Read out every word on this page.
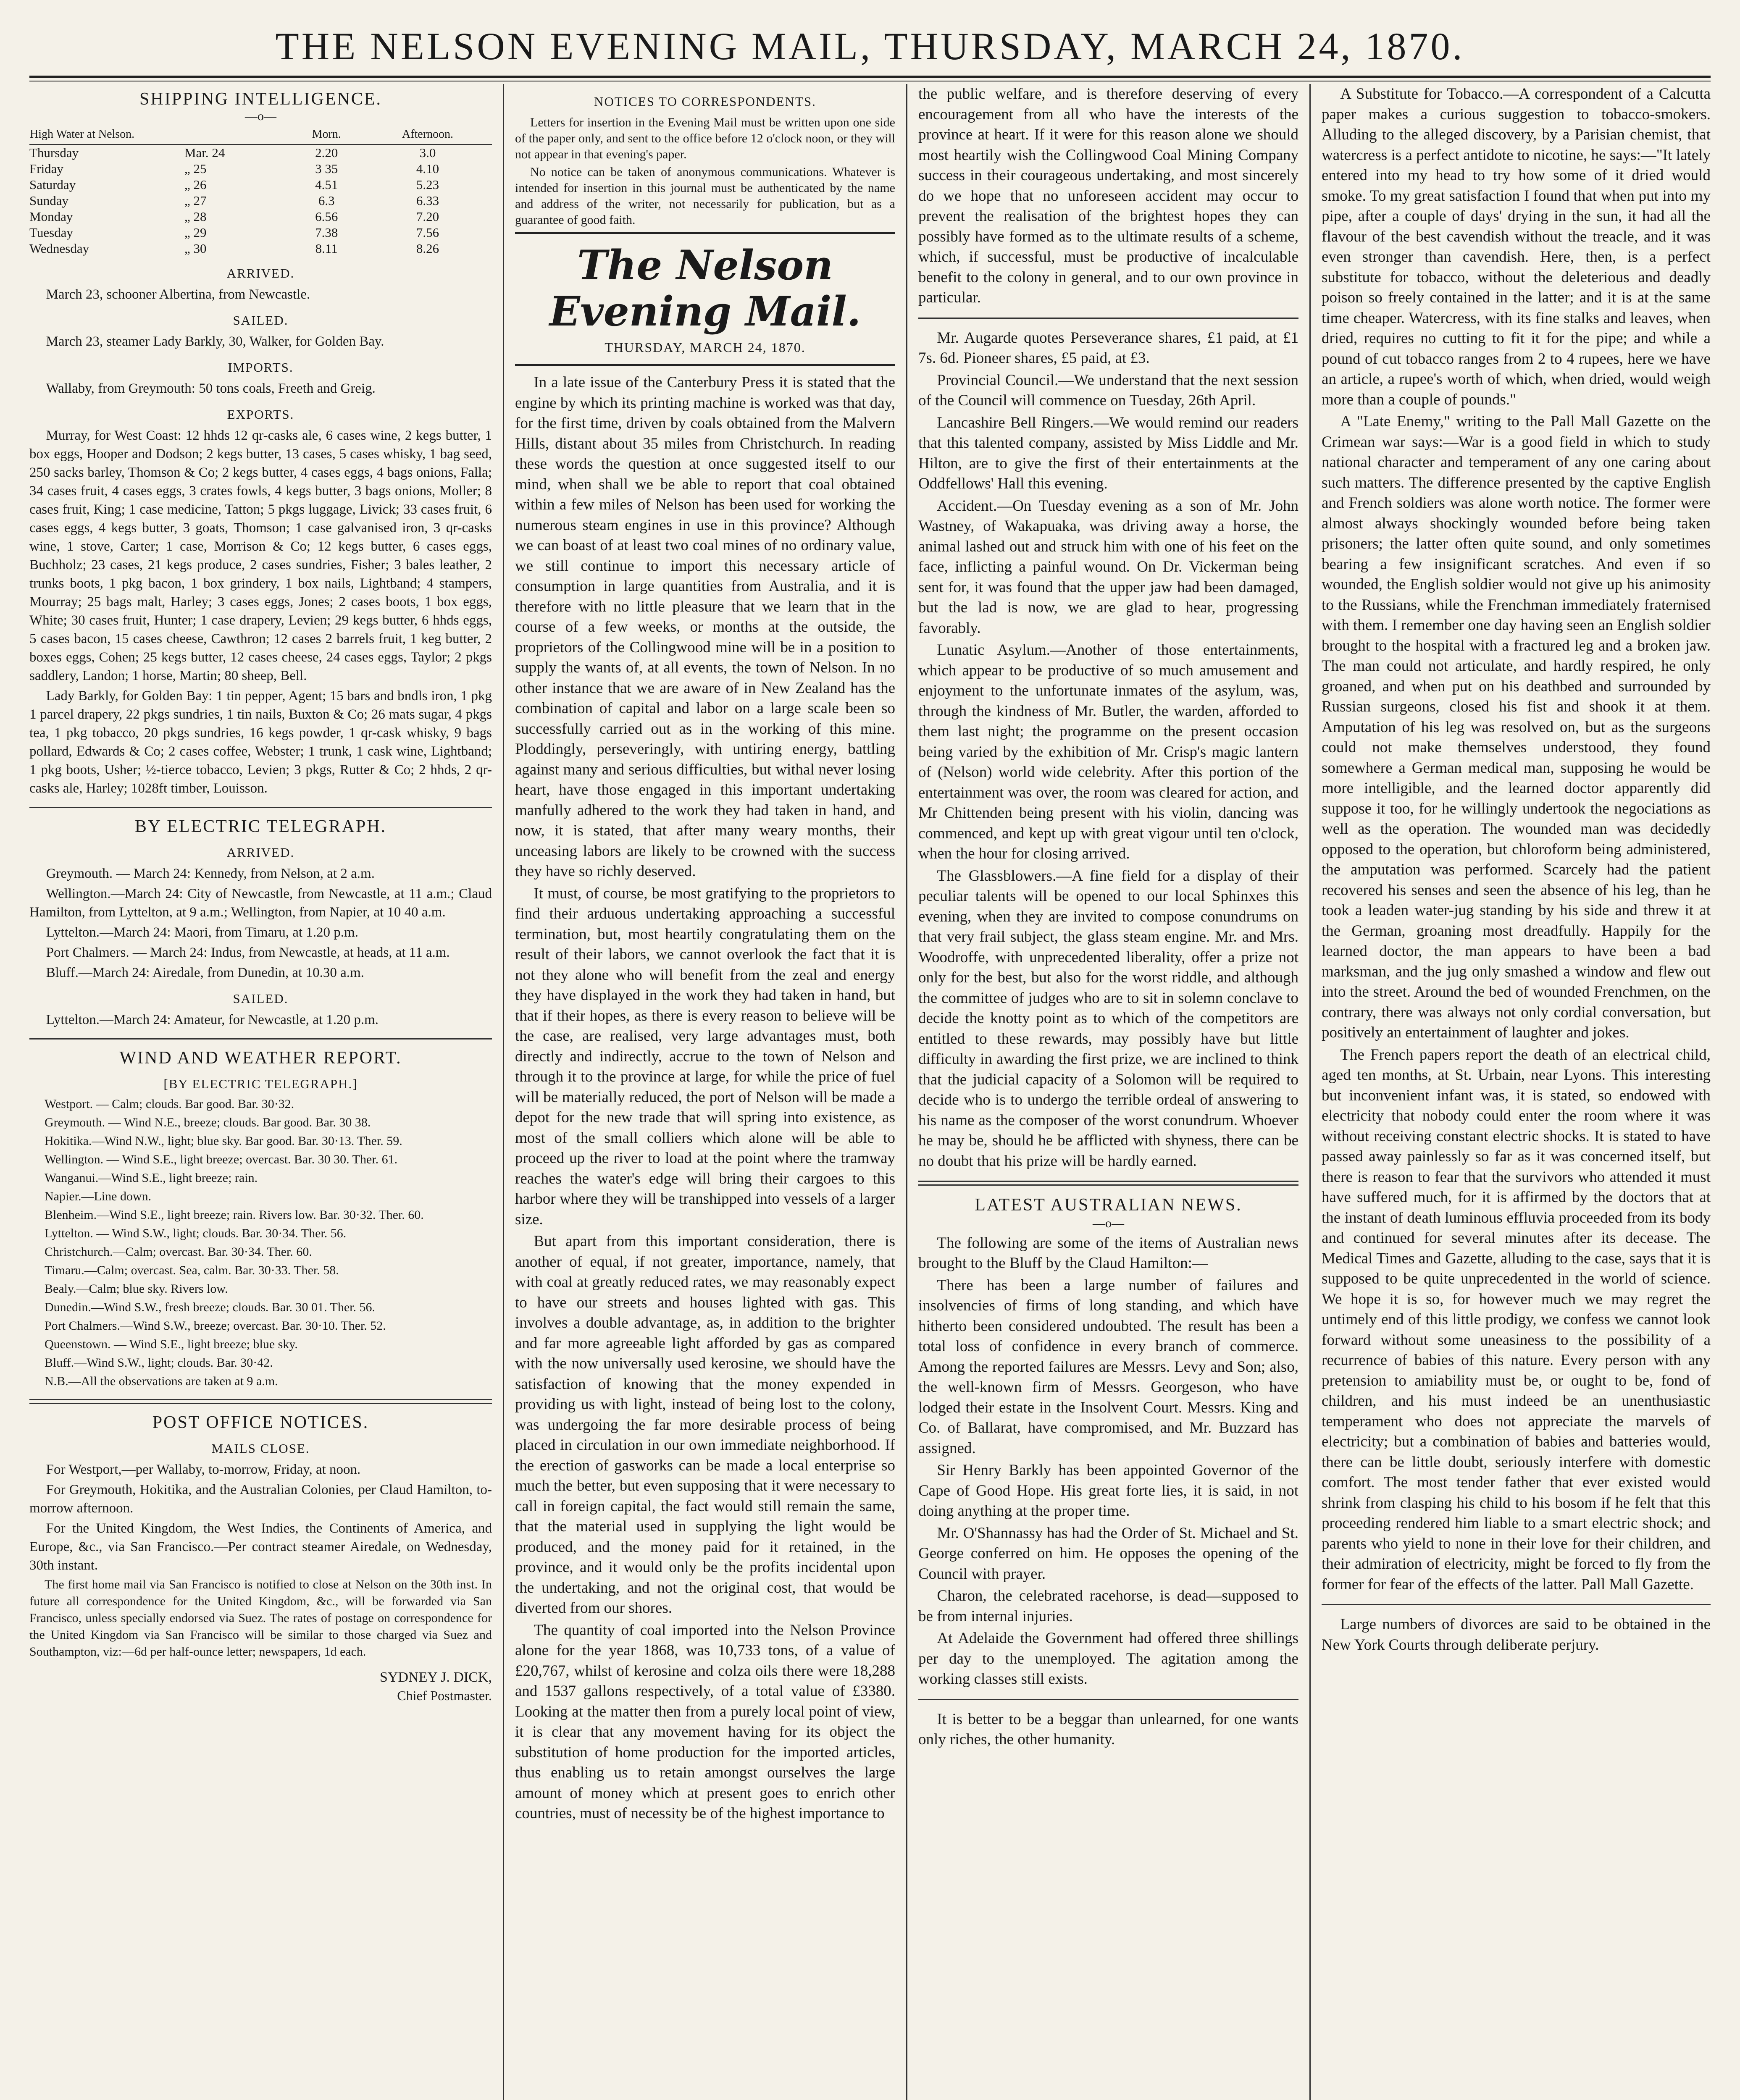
THE NELSON EVENING MAIL, THURSDAY, MARCH 24, 1870.
SHIPPING INTELLIGENCE.
—o—
High Water at Nelson.		Morn.	Afternoon.
Thursday	Mar. 24	2.20	3.0
Friday	„ 25	3 35	4.10
Saturday	„ 26	4.51	5.23
Sunday	„ 27	6.3	6.33
Monday	„ 28	6.56	7.20
Tuesday	„ 29	7.38	7.56
Wednesday	„ 30	8.11	8.26
ARRIVED.

March 23, schooner Albertina, from Newcastle.

SAILED.

March 23, steamer Lady Barkly, 30, Walker, for Golden Bay.

IMPORTS.

Wallaby, from Greymouth: 50 tons coals, Freeth and Greig.

EXPORTS.

Murray, for West Coast: 12 hhds 12 qr-casks ale, 6 cases wine, 2 kegs butter, 1 box eggs, Hooper and Dodson; 2 kegs butter, 13 cases, 5 cases whisky, 1 bag seed, 250 sacks barley, Thomson & Co; 2 kegs butter, 4 cases eggs, 4 bags onions, Falla; 34 cases fruit, 4 cases eggs, 3 crates fowls, 4 kegs butter, 3 bags onions, Moller; 8 cases fruit, King; 1 case medicine, Tatton; 5 pkgs luggage, Livick; 33 cases fruit, 6 cases eggs, 4 kegs butter, 3 goats, Thomson; 1 case galvanised iron, 3 qr-casks wine, 1 stove, Carter; 1 case, Morrison & Co; 12 kegs butter, 6 cases eggs, Buchholz; 23 cases, 21 kegs produce, 2 cases sundries, Fisher; 3 bales leather, 2 trunks boots, 1 pkg bacon, 1 box grindery, 1 box nails, Lightband; 4 stampers, Mourray; 25 bags malt, Harley; 3 cases eggs, Jones; 2 cases boots, 1 box eggs, White; 30 cases fruit, Hunter; 1 case drapery, Levien; 29 kegs butter, 6 hhds eggs, 5 cases bacon, 15 cases cheese, Cawthron; 12 cases 2 barrels fruit, 1 keg butter, 2 boxes eggs, Cohen; 25 kegs butter, 12 cases cheese, 24 cases eggs, Taylor; 2 pkgs saddlery, Landon; 1 horse, Martin; 80 sheep, Bell.

Lady Barkly, for Golden Bay: 1 tin pepper, Agent; 15 bars and bndls iron, 1 pkg 1 parcel drapery, 22 pkgs sundries, 1 tin nails, Buxton & Co; 26 mats sugar, 4 pkgs tea, 1 pkg tobacco, 20 pkgs sundries, 16 kegs powder, 1 qr-cask whisky, 9 bags pollard, Edwards & Co; 2 cases coffee, Webster; 1 trunk, 1 cask wine, Lightband; 1 pkg boots, Usher; ½-tierce tobacco, Levien; 3 pkgs, Rutter & Co; 2 hhds, 2 qr-casks ale, Harley; 1028ft timber, Louisson.

BY ELECTRIC TELEGRAPH.
ARRIVED.

Greymouth. — March 24: Kennedy, from Nelson, at 2 a.m.

Wellington.—March 24: City of Newcastle, from Newcastle, at 11 a.m.; Claud Hamilton, from Lyttelton, at 9 a.m.; Wellington, from Napier, at 10 40 a.m.

Lyttelton.—March 24: Maori, from Timaru, at 1.20 p.m.

Port Chalmers. — March 24: Indus, from Newcastle, at heads, at 11 a.m.

Bluff.—March 24: Airedale, from Dunedin, at 10.30 a.m.

SAILED.

Lyttelton.—March 24: Amateur, for Newcastle, at 1.20 p.m.

WIND AND WEATHER REPORT.
[BY ELECTRIC TELEGRAPH.]

Westport. — Calm; clouds. Bar good. Bar. 30·32.

Greymouth. — Wind N.E., breeze; clouds. Bar good. Bar. 30 38.

Hokitika.—Wind N.W., light; blue sky. Bar good. Bar. 30·13. Ther. 59.

Wellington. — Wind S.E., light breeze; overcast. Bar. 30 30. Ther. 61.

Wanganui.—Wind S.E., light breeze; rain.

Napier.—Line down.

Blenheim.—Wind S.E., light breeze; rain. Rivers low. Bar. 30·32. Ther. 60.

Lyttelton. — Wind S.W., light; clouds. Bar. 30·34. Ther. 56.

Christchurch.—Calm; overcast. Bar. 30·34. Ther. 60.

Timaru.—Calm; overcast. Sea, calm. Bar. 30·33. Ther. 58.

Bealy.—Calm; blue sky. Rivers low.

Dunedin.—Wind S.W., fresh breeze; clouds. Bar. 30 01. Ther. 56.

Port Chalmers.—Wind S.W., breeze; overcast. Bar. 30·10. Ther. 52.

Queenstown. — Wind S.E., light breeze; blue sky.

Bluff.—Wind S.W., light; clouds. Bar. 30·42.

N.B.—All the observations are taken at 9 a.m.

POST OFFICE NOTICES.
MAILS CLOSE.

For Westport,—per Wallaby, to-morrow, Friday, at noon.

For Greymouth, Hokitika, and the Australian Colonies, per Claud Hamilton, to-morrow afternoon.

For the United Kingdom, the West Indies, the Continents of America, and Europe, &c., via San Francisco.—Per contract steamer Airedale, on Wednesday, 30th instant.

The first home mail via San Francisco is notified to close at Nelson on the 30th inst. In future all correspondence for the United Kingdom, &c., will be forwarded via San Francisco, unless specially endorsed via Suez. The rates of postage on correspondence for the United Kingdom via San Francisco will be similar to those charged via Suez and Southampton, viz:—6d per half-ounce letter; newspapers, 1d each.

SYDNEY J. DICK,
Chief Postmaster.
NOTICES TO CORRESPONDENTS.

Letters for insertion in the Evening Mail must be written upon one side of the paper only, and sent to the office before 12 o'clock noon, or they will not appear in that evening's paper.

No notice can be taken of anonymous communications. Whatever is intended for insertion in this journal must be authenticated by the name and address of the writer, not necessarily for publication, but as a guarantee of good faith.

The Nelson Evening Mail.
THURSDAY, MARCH 24, 1870.

In a late issue of the Canterbury Press it is stated that the engine by which its printing machine is worked was that day, for the first time, driven by coals obtained from the Malvern Hills, distant about 35 miles from Christchurch. In reading these words the question at once suggested itself to our mind, when shall we be able to report that coal obtained within a few miles of Nelson has been used for working the numerous steam engines in use in this province? Although we can boast of at least two coal mines of no ordinary value, we still continue to import this necessary article of consumption in large quantities from Australia, and it is therefore with no little pleasure that we learn that in the course of a few weeks, or months at the outside, the proprietors of the Collingwood mine will be in a position to supply the wants of, at all events, the town of Nelson. In no other instance that we are aware of in New Zealand has the combination of capital and labor on a large scale been so successfully carried out as in the working of this mine. Ploddingly, perseveringly, with untiring energy, battling against many and serious difficulties, but withal never losing heart, have those engaged in this important undertaking manfully adhered to the work they had taken in hand, and now, it is stated, that after many weary months, their unceasing labors are likely to be crowned with the success they have so richly deserved.

It must, of course, be most gratifying to the proprietors to find their arduous undertaking approaching a successful termination, but, most heartily congratulating them on the result of their labors, we cannot overlook the fact that it is not they alone who will benefit from the zeal and energy they have displayed in the work they had taken in hand, but that if their hopes, as there is every reason to believe will be the case, are realised, very large advantages must, both directly and indirectly, accrue to the town of Nelson and through it to the province at large, for while the price of fuel will be materially reduced, the port of Nelson will be made a depot for the new trade that will spring into existence, as most of the small colliers which alone will be able to proceed up the river to load at the point where the tramway reaches the water's edge will bring their cargoes to this harbor where they will be transhipped into vessels of a larger size.

But apart from this important consideration, there is another of equal, if not greater, importance, namely, that with coal at greatly reduced rates, we may reasonably expect to have our streets and houses lighted with gas. This involves a double advantage, as, in addition to the brighter and far more agreeable light afforded by gas as compared with the now universally used kerosine, we should have the satisfaction of knowing that the money expended in providing us with light, instead of being lost to the colony, was undergoing the far more desirable process of being placed in circulation in our own immediate neighborhood. If the erection of gasworks can be made a local enterprise so much the better, but even supposing that it were necessary to call in foreign capital, the fact would still remain the same, that the material used in supplying the light would be produced, and the money paid for it retained, in the province, and it would only be the profits incidental upon the undertaking, and not the original cost, that would be diverted from our shores.

The quantity of coal imported into the Nelson Province alone for the year 1868, was 10,733 tons, of a value of £20,767, whilst of kerosine and colza oils there were 18,288 and 1537 gallons respectively, of a total value of £3380. Looking at the matter then from a purely local point of view, it is clear that any movement having for its object the substitution of home production for the imported articles, thus enabling us to retain amongst ourselves the large amount of money which at present goes to enrich other countries, must of necessity be of the highest importance to

the public welfare, and is therefore deserving of every encouragement from all who have the interests of the province at heart. If it were for this reason alone we should most heartily wish the Collingwood Coal Mining Company success in their courageous undertaking, and most sincerely do we hope that no unforeseen accident may occur to prevent the realisation of the brightest hopes they can possibly have formed as to the ultimate results of a scheme, which, if successful, must be productive of incalculable benefit to the colony in general, and to our own province in particular.

Mr. Augarde quotes Perseverance shares, £1 paid, at £1 7s. 6d. Pioneer shares, £5 paid, at £3.

Provincial Council.—We understand that the next session of the Council will commence on Tuesday, 26th April.

Lancashire Bell Ringers.—We would remind our readers that this talented company, assisted by Miss Liddle and Mr. Hilton, are to give the first of their entertainments at the Oddfellows' Hall this evening.

Accident.—On Tuesday evening as a son of Mr. John Wastney, of Wakapuaka, was driving away a horse, the animal lashed out and struck him with one of his feet on the face, inflicting a painful wound. On Dr. Vickerman being sent for, it was found that the upper jaw had been damaged, but the lad is now, we are glad to hear, progressing favorably.

Lunatic Asylum.—Another of those entertainments, which appear to be productive of so much amusement and enjoyment to the unfortunate inmates of the asylum, was, through the kindness of Mr. Butler, the warden, afforded to them last night; the programme on the present occasion being varied by the exhibition of Mr. Crisp's magic lantern of (Nelson) world wide celebrity. After this portion of the entertainment was over, the room was cleared for action, and Mr Chittenden being present with his violin, dancing was commenced, and kept up with great vigour until ten o'clock, when the hour for closing arrived.

The Glassblowers.—A fine field for a display of their peculiar talents will be opened to our local Sphinxes this evening, when they are invited to compose conundrums on that very frail subject, the glass steam engine. Mr. and Mrs. Woodroffe, with unprecedented liberality, offer a prize not only for the best, but also for the worst riddle, and although the committee of judges who are to sit in solemn conclave to decide the knotty point as to which of the competitors are entitled to these rewards, may possibly have but little difficulty in awarding the first prize, we are inclined to think that the judicial capacity of a Solomon will be required to decide who is to undergo the terrible ordeal of answering to his name as the composer of the worst conundrum. Whoever he may be, should he be afflicted with shyness, there can be no doubt that his prize will be hardly earned.

LATEST AUSTRALIAN NEWS.
—o—

The following are some of the items of Australian news brought to the Bluff by the Claud Hamilton:—

There has been a large number of failures and insolvencies of firms of long standing, and which have hitherto been considered undoubted. The result has been a total loss of confidence in every branch of commerce. Among the reported failures are Messrs. Levy and Son; also, the well-known firm of Messrs. Georgeson, who have lodged their estate in the Insolvent Court. Messrs. King and Co. of Ballarat, have compromised, and Mr. Buzzard has assigned.

Sir Henry Barkly has been appointed Governor of the Cape of Good Hope. His great forte lies, it is said, in not doing anything at the proper time.

Mr. O'Shannassy has had the Order of St. Michael and St. George conferred on him. He opposes the opening of the Council with prayer.

Charon, the celebrated racehorse, is dead—supposed to be from internal injuries.

At Adelaide the Government had offered three shillings per day to the unemployed. The agitation among the working classes still exists.

It is better to be a beggar than unlearned, for one wants only riches, the other humanity.

A Substitute for Tobacco.—A correspondent of a Calcutta paper makes a curious suggestion to tobacco-smokers. Alluding to the alleged discovery, by a Parisian chemist, that watercress is a perfect antidote to nicotine, he says:—"It lately entered into my head to try how some of it dried would smoke. To my great satisfaction I found that when put into my pipe, after a couple of days' drying in the sun, it had all the flavour of the best cavendish without the treacle, and it was even stronger than cavendish. Here, then, is a perfect substitute for tobacco, without the deleterious and deadly poison so freely contained in the latter; and it is at the same time cheaper. Watercress, with its fine stalks and leaves, when dried, requires no cutting to fit it for the pipe; and while a pound of cut tobacco ranges from 2 to 4 rupees, here we have an article, a rupee's worth of which, when dried, would weigh more than a couple of pounds."

A "Late Enemy," writing to the Pall Mall Gazette on the Crimean war says:—War is a good field in which to study national character and temperament of any one caring about such matters. The difference presented by the captive English and French soldiers was alone worth notice. The former were almost always shockingly wounded before being taken prisoners; the latter often quite sound, and only sometimes bearing a few insignificant scratches. And even if so wounded, the English soldier would not give up his animosity to the Russians, while the Frenchman immediately fraternised with them. I remember one day having seen an English soldier brought to the hospital with a fractured leg and a broken jaw. The man could not articulate, and hardly respired, he only groaned, and when put on his deathbed and surrounded by Russian surgeons, closed his fist and shook it at them. Amputation of his leg was resolved on, but as the surgeons could not make themselves understood, they found somewhere a German medical man, supposing he would be more intelligible, and the learned doctor apparently did suppose it too, for he willingly undertook the negociations as well as the operation. The wounded man was decidedly opposed to the operation, but chloroform being administered, the amputation was performed. Scarcely had the patient recovered his senses and seen the absence of his leg, than he took a leaden water-jug standing by his side and threw it at the German, groaning most dreadfully. Happily for the learned doctor, the man appears to have been a bad marksman, and the jug only smashed a window and flew out into the street. Around the bed of wounded Frenchmen, on the contrary, there was always not only cordial conversation, but positively an entertainment of laughter and jokes.

The French papers report the death of an electrical child, aged ten months, at St. Urbain, near Lyons. This interesting but inconvenient infant was, it is stated, so endowed with electricity that nobody could enter the room where it was without receiving constant electric shocks. It is stated to have passed away painlessly so far as it was concerned itself, but there is reason to fear that the survivors who attended it must have suffered much, for it is affirmed by the doctors that at the instant of death luminous effluvia proceeded from its body and continued for several minutes after its decease. The Medical Times and Gazette, alluding to the case, says that it is supposed to be quite unprecedented in the world of science. We hope it is so, for however much we may regret the untimely end of this little prodigy, we confess we cannot look forward without some uneasiness to the possibility of a recurrence of babies of this nature. Every person with any pretension to amiability must be, or ought to be, fond of children, and his must indeed be an unenthusiastic temperament who does not appreciate the marvels of electricity; but a combination of babies and batteries would, there can be little doubt, seriously interfere with domestic comfort. The most tender father that ever existed would shrink from clasping his child to his bosom if he felt that this proceeding rendered him liable to a smart electric shock; and parents who yield to none in their love for their children, and their admiration of electricity, might be forced to fly from the former for fear of the effects of the latter. Pall Mall Gazette.

Large numbers of divorces are said to be obtained in the New York Courts through deliberate perjury.
